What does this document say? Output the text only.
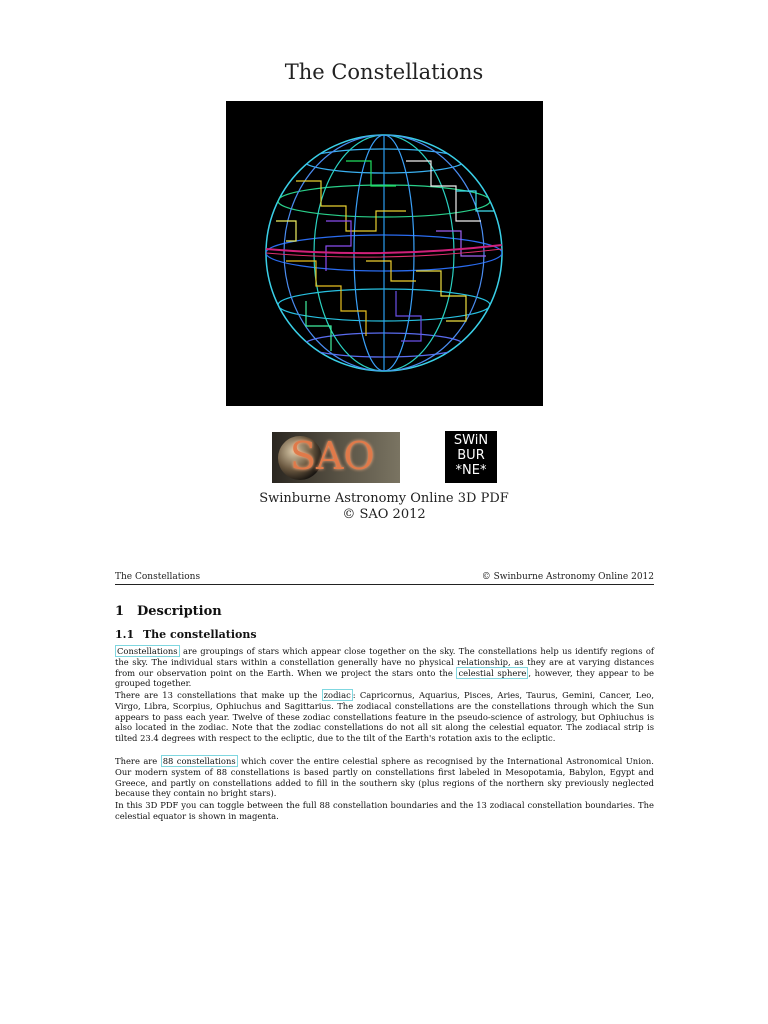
The Constellations
SAO	SWiN
BUR
*NE*
Swinburne Astronomy Online 3D PDF
© SAO 2012
The Constellations	© Swinburne Astronomy Online 2012
1 Description
1.1 The constellations
Constellations are groupings of stars which appear close together on the sky. The constellations help us identify regions of the sky. The individual stars within a constellation generally have no physical relationship, as they are at varying distances from our observation point on the Earth. When we project the stars onto the celestial sphere , however, they appear to be grouped together.
There are 13 constellations that make up the zodiac : Capricornus, Aquarius, Pisces, Aries, Taurus, Gemini, Cancer, Leo, Virgo, Libra, Scorpius, Ophiuchus and Sagittarius. The zodiacal constellations are the constellations through which the Sun appears to pass each year. Twelve of these zodiac constellations feature in the pseudo-science of astrology, but Ophiuchus is also located in the zodiac. Note that the zodiac constellations do not all sit along the celestial equator. The zodiacal strip is tilted 23.4 degrees with respect to the ecliptic, due to the tilt of the Earth's rotation axis to the ecliptic.
There are 88 constellations which cover the entire celestial sphere as recognised by the International Astronomical Union. Our modern system of 88 constellations is based partly on constellations first labeled in Mesopotamia, Babylon, Egypt and Greece, and partly on constellations added to fill in the southern sky (plus regions of the northern sky previously neglected because they contain no bright stars).
In this 3D PDF you can toggle between the full 88 constellation boundaries and the 13 zodiacal constellation boundaries. The celestial equator is shown in magenta.
